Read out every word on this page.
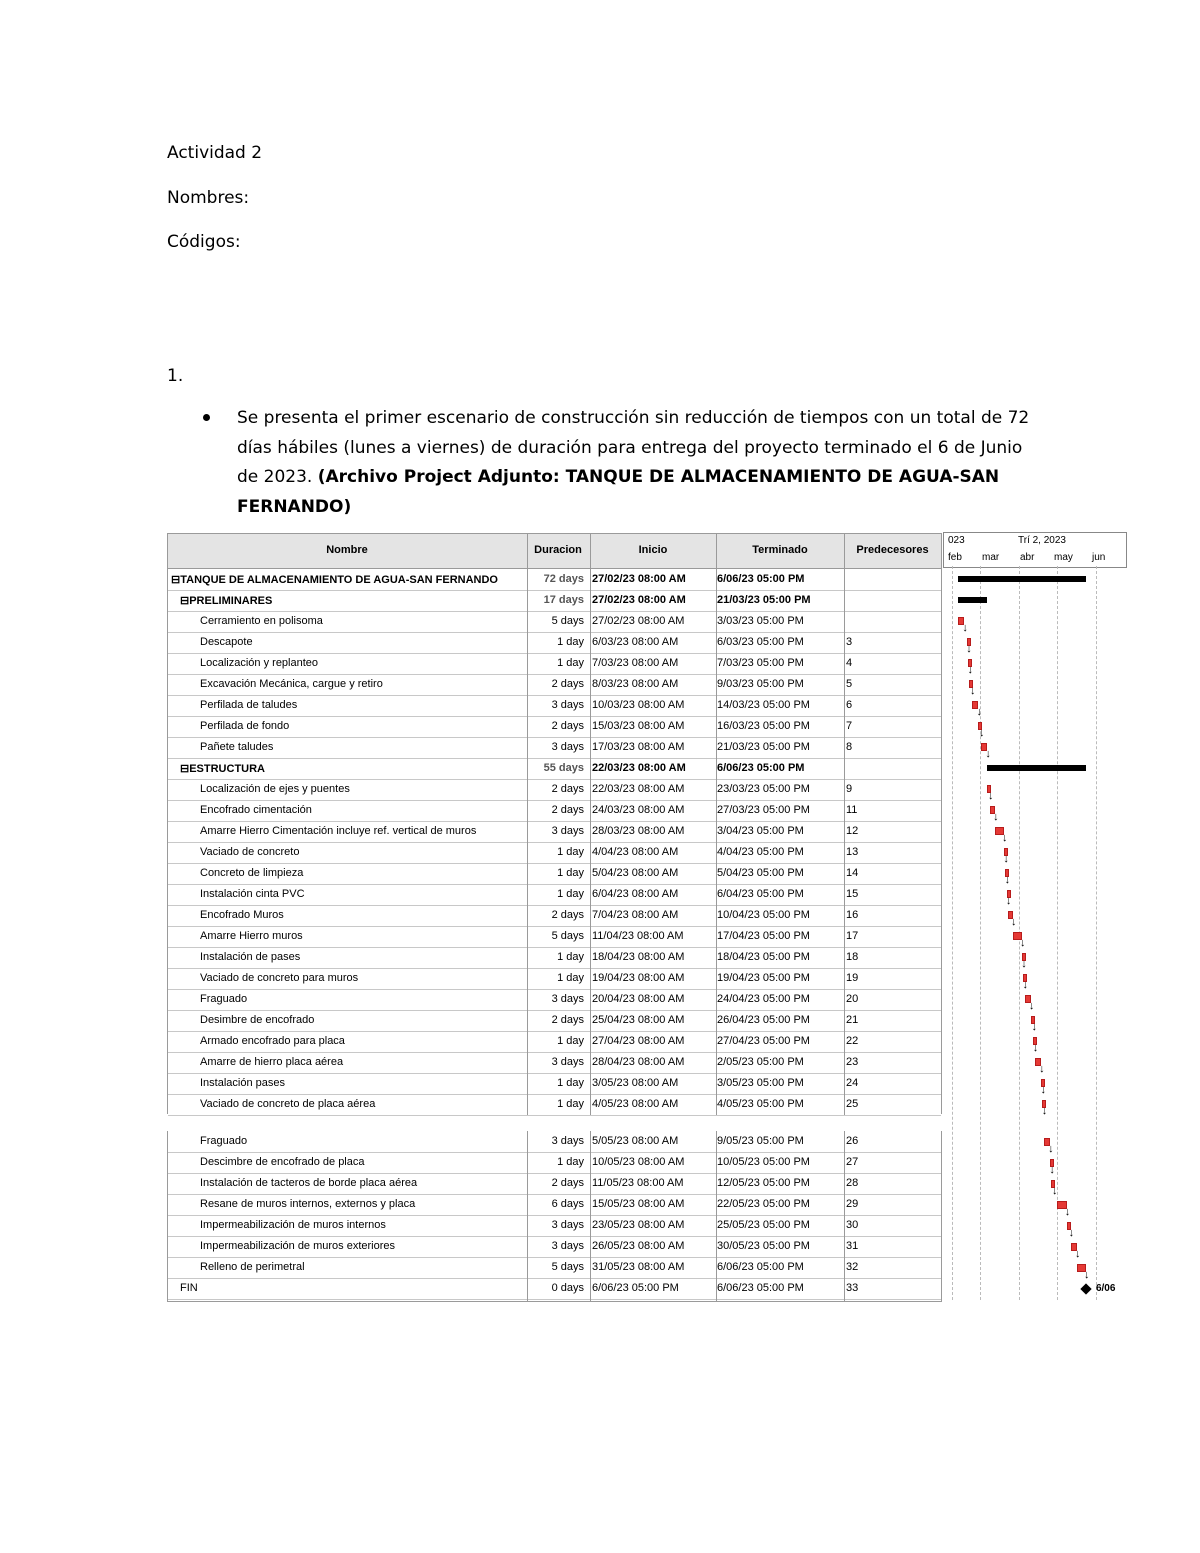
Actividad 2
Nombres:
Códigos:
1.
Se presenta el primer escenario de construcción sin reducción de tiempos con un total de 72 días hábiles (lunes a viernes) de duración para entrega del proyecto terminado el 6 de Junio de 2023. (Archivo Project Adjunto: TANQUE DE ALMACENAMIENTO DE AGUA-SAN FERNANDO)
Nombre	Duracion	Inicio	Terminado	Predecesores
⊟TANQUE DE ALMACENAMIENTO DE AGUA-SAN FERNANDO	72 days 27/02/23 08:00 AM	6/06/23 05:00 PM
⊟PRELIMINARES	17 days 27/02/23 08:00 AM	21/03/23 05:00 PM
Cerramiento en polisoma	5 days 27/02/23 08:00 AM	3/03/23 05:00 PM
Descapote	1 day 6/03/23 08:00 AM	6/03/23 05:00 PM	3
Localización y replanteo	1 day 7/03/23 08:00 AM	7/03/23 05:00 PM	4
Excavación Mecánica, cargue y retiro	2 days 8/03/23 08:00 AM	9/03/23 05:00 PM	5
Perfilada de taludes	3 days 10/03/23 08:00 AM	14/03/23 05:00 PM	6
Perfilada de fondo	2 days 15/03/23 08:00 AM	16/03/23 05:00 PM	7
Pañete taludes	3 days 17/03/23 08:00 AM	21/03/23 05:00 PM	8
⊟ESTRUCTURA	55 days 22/03/23 08:00 AM	6/06/23 05:00 PM
Localización de ejes y puentes	2 days 22/03/23 08:00 AM	23/03/23 05:00 PM	9
Encofrado cimentación	2 days 24/03/23 08:00 AM	27/03/23 05:00 PM	11
Amarre Hierro Cimentación incluye ref. vertical de muros	3 days 28/03/23 08:00 AM	3/04/23 05:00 PM	12
Vaciado de concreto	1 day 4/04/23 08:00 AM	4/04/23 05:00 PM	13
Concreto de limpieza	1 day 5/04/23 08:00 AM	5/04/23 05:00 PM	14
Instalación cinta PVC	1 day 6/04/23 08:00 AM	6/04/23 05:00 PM	15
Encofrado Muros	2 days 7/04/23 08:00 AM	10/04/23 05:00 PM	16
Amarre Hierro muros	5 days 11/04/23 08:00 AM	17/04/23 05:00 PM	17
Instalación de pases	1 day 18/04/23 08:00 AM	18/04/23 05:00 PM	18
Vaciado de concreto para muros	1 day 19/04/23 08:00 AM	19/04/23 05:00 PM	19
Fraguado	3 days 20/04/23 08:00 AM	24/04/23 05:00 PM	20
Desimbre de encofrado	2 days 25/04/23 08:00 AM	26/04/23 05:00 PM	21
Armado encofrado para placa	1 day 27/04/23 08:00 AM	27/04/23 05:00 PM	22
Amarre de hierro placa aérea	3 days 28/04/23 08:00 AM	2/05/23 05:00 PM	23
Instalación pases	1 day 3/05/23 08:00 AM	3/05/23 05:00 PM	24
Vaciado de concreto de placa aérea	1 day 4/05/23 08:00 AM	4/05/23 05:00 PM	25
Fraguado	3 days 5/05/23 08:00 AM	9/05/23 05:00 PM	26
Descimbre de encofrado de placa	1 day 10/05/23 08:00 AM	10/05/23 05:00 PM	27
Instalación de tacteros de borde placa aérea	2 days 11/05/23 08:00 AM	12/05/23 05:00 PM	28
Resane de muros internos, externos y placa	6 days 15/05/23 08:00 AM	22/05/23 05:00 PM	29
Impermeabilización de muros internos	3 days 23/05/23 08:00 AM	25/05/23 05:00 PM	30
Impermeabilización de muros exteriores	3 days 26/05/23 08:00 AM	30/05/23 05:00 PM	31
Relleno de perimetral	5 days 31/05/23 08:00 AM	6/06/23 05:00 PM	32
FIN	0 days 6/06/23 05:00 PM	6/06/23 05:00 PM	33
023	Trí 2, 2023
feb mar abr may jun
↓
↓
↓
↓
↓
↓
↓
↓
↓
↓
↓
↓
↓
↓
↓
↓
↓
↓
↓
↓
↓
↓
↓
↓
↓
↓
↓
↓
↓
↓
6/06
